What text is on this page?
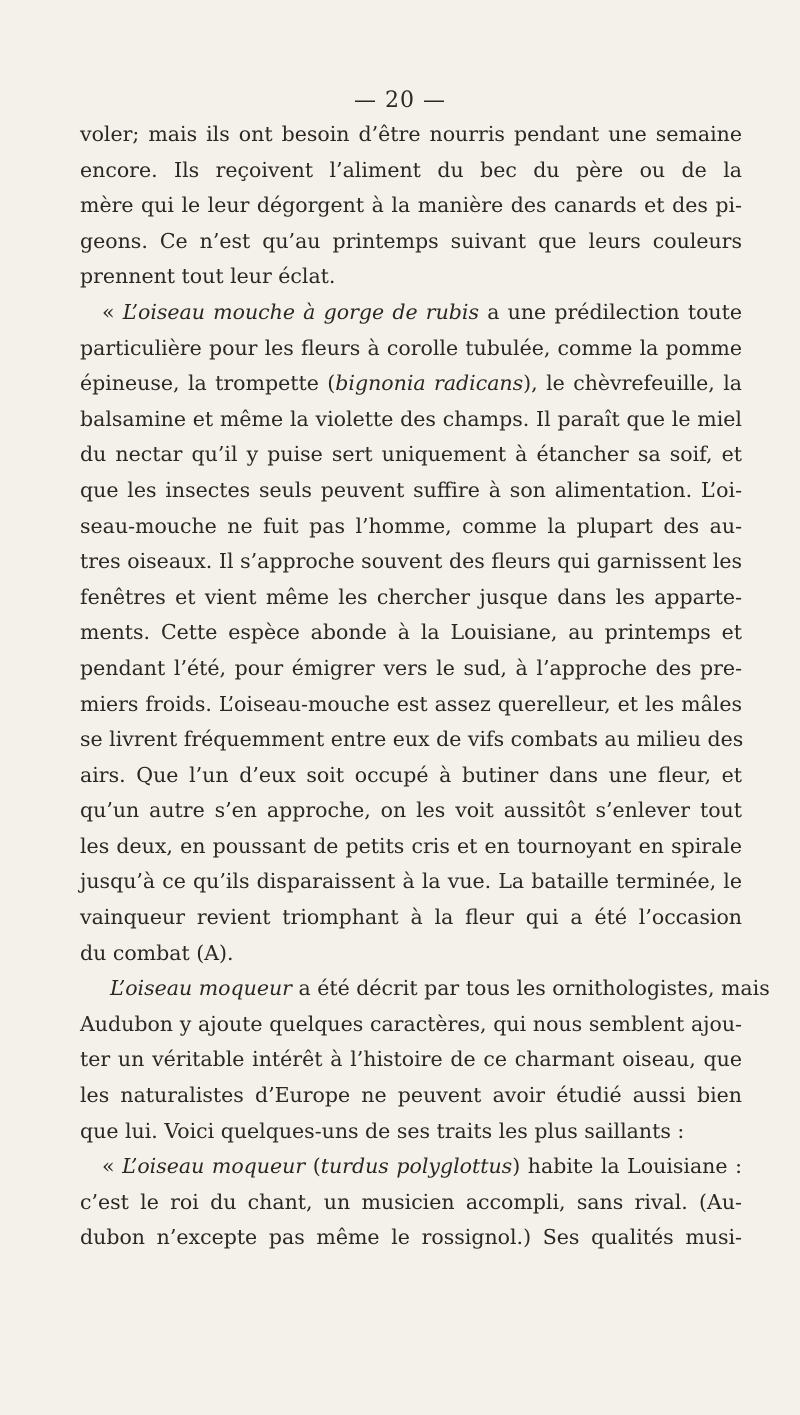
— 20 —
voler; mais ils ont besoin d’être nourris pendant une semaine
encore. Ils reçoivent l’aliment du bec du père ou de la
mère qui le leur dégorgent à la manière des canards et des pi-
geons. Ce n’est qu’au printemps suivant que leurs couleurs
prennent tout leur éclat.
« L’oiseau mouche à gorge de rubis a une prédilection toute
particulière pour les fleurs à corolle tubulée, comme la pomme
épineuse, la trompette (bignonia radicans), le chèvrefeuille, la
balsamine et même la violette des champs. Il paraît que le miel
du nectar qu’il y puise sert uniquement à étancher sa soif, et
que les insectes seuls peuvent suffire à son alimentation. L’oi-
seau-mouche ne fuit pas l’homme, comme la plupart des au-
tres oiseaux. Il s’approche souvent des fleurs qui garnissent les
fenêtres et vient même les chercher jusque dans les apparte-
ments. Cette espèce abonde à la Louisiane, au printemps et
pendant l’été, pour émigrer vers le sud, à l’approche des pre-
miers froids. L’oiseau-mouche est assez querelleur, et les mâles
se livrent fréquemment entre eux de vifs combats au milieu des
airs. Que l’un d’eux soit occupé à butiner dans une fleur, et
qu’un autre s’en approche, on les voit aussitôt s’enlever tout
les deux, en poussant de petits cris et en tournoyant en spirale
jusqu’à ce qu’ils disparaissent à la vue. La bataille terminée, le
vainqueur revient triomphant à la fleur qui a été l’occasion
du combat (A).
L’oiseau moqueur a été décrit par tous les ornithologistes, mais
Audubon y ajoute quelques caractères, qui nous semblent ajou-
ter un véritable intérêt à l’histoire de ce charmant oiseau, que
les naturalistes d’Europe ne peuvent avoir étudié aussi bien
que lui. Voici quelques-uns de ses traits les plus saillants :
« L’oiseau moqueur (turdus polyglottus) habite la Louisiane :
c’est le roi du chant, un musicien accompli, sans rival. (Au-
dubon n’excepte pas même le rossignol.) Ses qualités musi-
